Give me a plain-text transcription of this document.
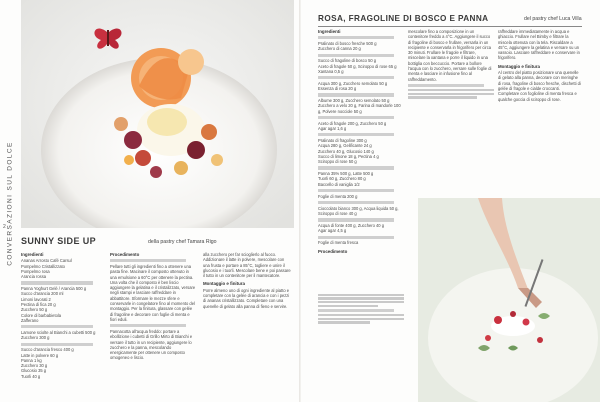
CONVERSAZIONI SUL DOLCE
2
SUNNY SIDE UP	della pastry chef Tamara Rigo
Ingredienti

Ananas Arrosto Café Carsul

Pompelmo Cristallizzato

Pompelmo rosa

Arancia rossa

Panna Yoghurt Gelé / Arancia 500 g

Succo d'arancia 200 ml

Limoni lavorati 2

Pectina di fica 20 g

Zucchero 50 g

Colore di barbabietola

Zafferano

Lamone sciolte al Bianchi a cubetti 500 g

Zucchero 300 g

Succo d'arancia fresco 400 g

Latte in polvere 60 g

Panna 1 kg

Zucchero 30 g

Glucosio 35 g

Tuorli 40 g

Procedimento

Pellare tutti gli ingredienti fino a ottenere una pasta fine. Macinare il composto ottenuto in una emulsione a 60°C per ottenere la pectina. Una volta che il composto è ben liscio aggiungere la gelatina e il cristalizzato, versare negli stampi e lasciare raffreddare in abbattitore. Sformare le mezze sfere e conservarle in congelatore fino al momento del montaggio. Per la finitura, glassare con gelée di fragoline e decorare con foglie di menta e fiori eduli.

Pannacotta all'acqua freddo: portare a ebollizione i cubetti di Grillo Mirto di Bianchi e versare il tutto in un recipiente, aggiungere lo zucchero e la panna, mescolando energicamente per ottenere un composto omogeneo e liscio.

alla zucchero per far scioglierlo al fuoco. Addizionare il latte in polvere, mescolare con una frusta e portare a 85°C, togliere e unire il glucosio e i tuorli. Mescolare bene e poi passare il tutto in un contenitore per il mantecatore.

Montaggio e finitura

Porre almeno uno di ogni ingrediente al piatto e completare con la gelée di arancia e con i pezzi di ananas cristallizzato. Completare con una quenelle di gelato alla panna di fieno e servire.

ROSA, FRAGOLINE DI BOSCO E PANNA	del pastry chef Luca Villa
Ingredienti

Pralinato di bosco fresche 500 g

Zucchero di canna 20 g

Succo di fragoline di bosco 50 g

Aceto di fragole 50 g, Sciroppo di rose 65 g

Xantana 0,5 g

Acqua 300 g, Zucchero semolato 50 g

Essenza di rosa 20 g

Albume 300 g, Zucchero semolato 50 g

Zucchero a velo 20 g, Farina di mandorle 100 g, Polvere nocciole 50 g

Aceto di fragole 200 g, Zucchero 50 g

Agar agar 1,6 g

Pralinato di fragoline 300 g

Acqua 280 g, Gelificante 24 g

Zucchero 40 g, Glucosio 140 g

Succo di limone 18 g, Pectina 4 g

Sciroppo di rose 50 g

Panna 35% 500 g, Latte 500 g

Tuorli 60 g, Zucchero 80 g

Baccello di vaniglia 1/2

Foglie di menta 200 g

Cioccolato bianco 300 g, Acqua liquida 50 g, Sciroppo di rose 40 g

Acqua di fonte 400 g, Zucchero 40 g

Agar agar 4,5 g

Foglie di menta fresca

Procedimento

mescolare fino a composizione in un contenitore freddo a 4°C. Aggiungere il succo di fragoline di bosco e frullare, versarla in un recipiente e conservarla in frigorifero per circa 30 minuti. Frullare le fragole e filtrare, miscelare la xantana e porre il liquido in una bottiglia con beccuccio. Portare a bollore l'acqua con lo zucchero, versare sulle foglie di menta e lasciare in infusione fino al raffreddamento.

raffreddare immediatamente in acqua e ghiaccio. Frullare nel Bimby e filtrare la miscela ottenuta con la tela. Riscaldare a 45°C, aggiungere la gelatina e versare su un vassoio. Lasciare raffreddare e conservare in frigorifero.

Montaggio e finitura

Al centro del piatto posizionare una quenelle di gelato alla panna, decorare con meringhe di rosa, fragoline di bosco fresche, dischetti di gelée di fragole e cialde croccanti. Completare con foglioline di menta fresca e qualche goccia di sciroppo di rose.
